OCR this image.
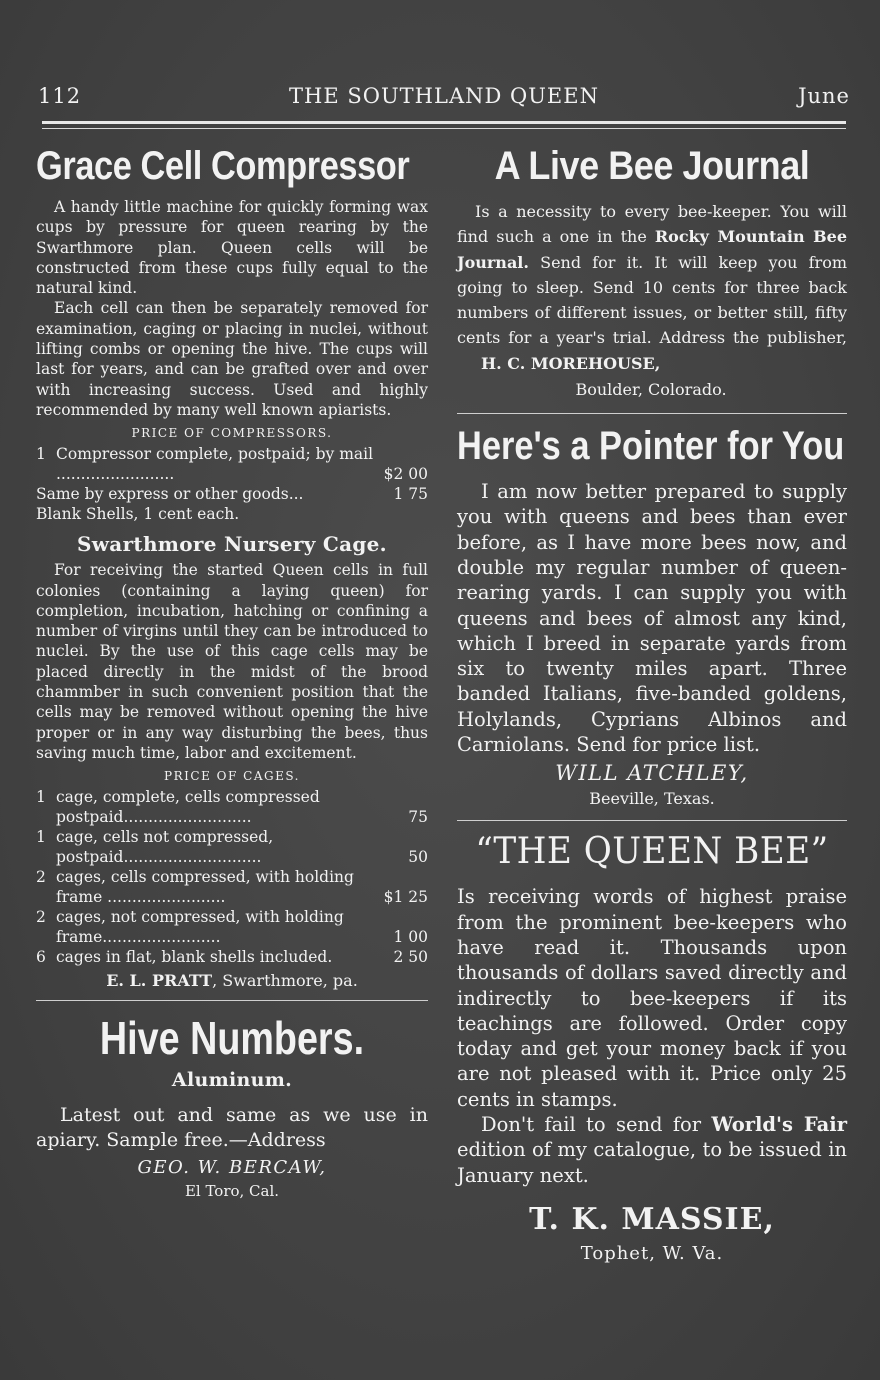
112	THE SOUTHLAND QUEEN	June
Grace Cell Compressor

A handy little machine for quickly forming wax cups by pressure for queen rearing by the Swarthmore plan. Queen cells will be constructed from these cups fully equal to the natural kind.

Each cell can then be separately removed for examination, caging or placing in nuclei, without lifting combs or opening the hive. The cups will last for years, and can be grafted over and over with increasing success. Used and highly recommended by many well known apiarists.

PRICE OF COMPRESSORS.
1 Compressor complete, postpaid; by mail ........................	$2 00
Same by express or other goods...	1 75
Blank Shells, 1 cent each.
Swarthmore Nursery Cage.

For receiving the started Queen cells in full colonies (containing a laying queen) for completion, incubation, hatching or confining a number of virgins until they can be introduced to nuclei. By the use of this cage cells may be placed directly in the midst of the brood chammber in such convenient position that the cells may be removed without opening the hive proper or in any way disturbing the bees, thus saving much time, labor and excitement.

PRICE OF CAGES.
1 cage, complete, cells compressed postpaid..........................	75
1 cage, cells not compressed, postpaid............................	50
2 cages, cells compressed, with holding frame ........................	$1 25
2 cages, not compressed, with holding frame........................	1 00
6 cages in flat, blank shells included.	2 50
E. L. PRATT, Swarthmore, pa.
Hive Numbers.
Aluminum.

Latest out and same as we use in apiary. Sample free.—Address

GEO. W. BERCAW,
El Toro, Cal.
A Live Bee Journal

Is a necessity to every bee-keeper. You will find such a one in the Rocky Mountain Bee Journal. Send for it. It will keep you from going to sleep. Send 10 cents for three back numbers of different issues, or better still, fifty cents for a year's trial. Address the publisher, H. C. MOREHOUSE,

Boulder, Colorado.
Here's a Pointer for You

I am now better prepared to supply you with queens and bees than ever before, as I have more bees now, and double my regular number of queen-rearing yards. I can supply you with queens and bees of almost any kind, which I breed in separate yards from six to twenty miles apart. Three banded Italians, five-banded goldens, Holylands, Cyprians Albinos and Carniolans. Send for price list.

WILL ATCHLEY,
Beeville, Texas.
“THE QUEEN BEE”

Is receiving words of highest praise from the prominent bee-keepers who have read it. Thousands upon thousands of dollars saved directly and indirectly to bee-keepers if its teachings are followed. Order copy today and get your money back if you are not pleased with it. Price only 25 cents in stamps.

Don't fail to send for World's Fair edition of my catalogue, to be issued in January next.

T. K. MASSIE,
Tophet, W. Va.
